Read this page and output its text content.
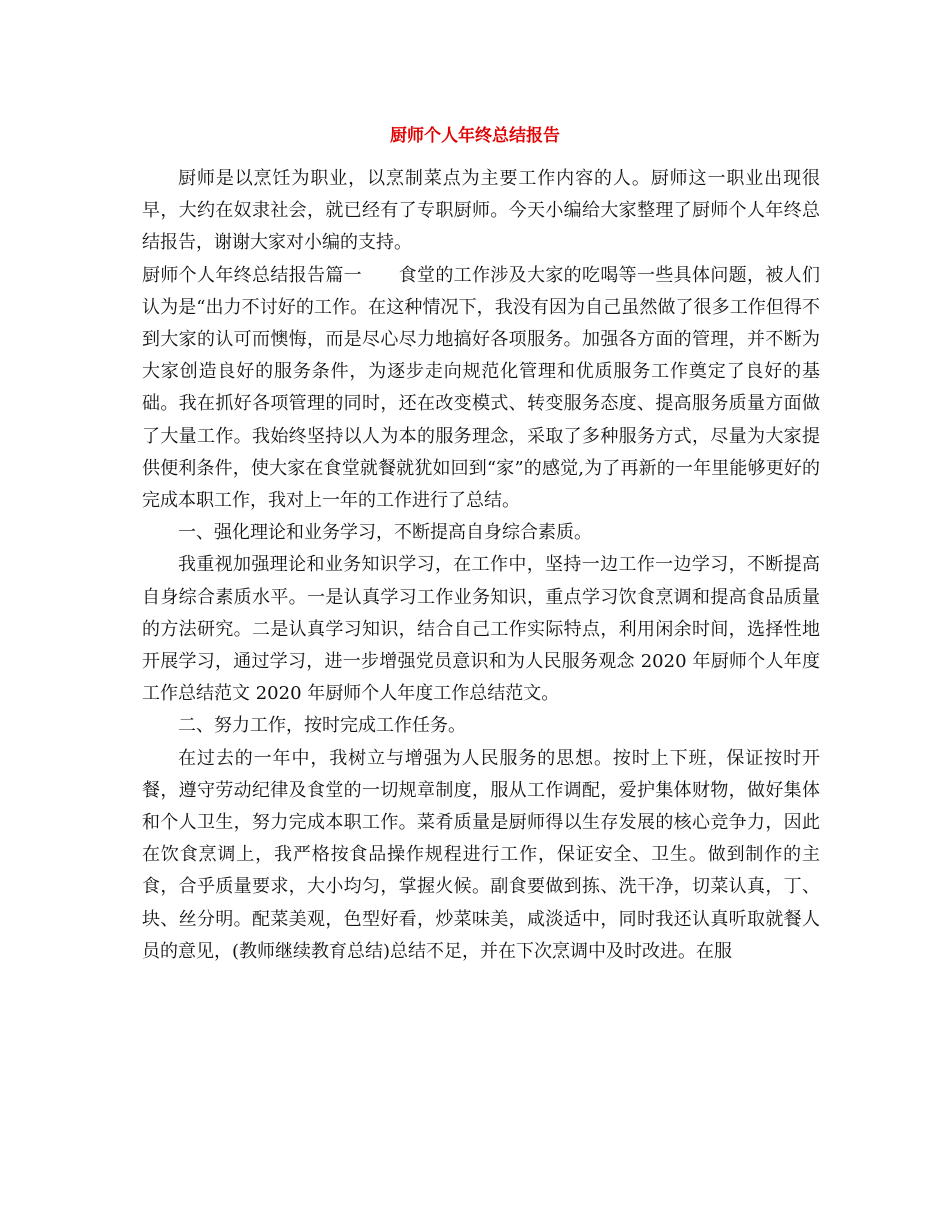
厨师个人年终总结报告

厨师是以烹饪为职业，以烹制菜点为主要工作内容的人。厨师这一职业出现很早，大约在奴隶社会，就已经有了专职厨师。今天小编给大家整理了厨师个人年终总结报告，谢谢大家对小编的支持。

厨师个人年终总结报告篇一　　食堂的工作涉及大家的吃喝等一些具体问题，被人们认为是“出力不讨好的工作。在这种情况下，我没有因为自己虽然做了很多工作但得不到大家的认可而懊悔，而是尽心尽力地搞好各项服务。加强各方面的管理，并不断为大家创造良好的服务条件，为逐步走向规范化管理和优质服务工作奠定了良好的基础。我在抓好各项管理的同时，还在改变模式、转变服务态度、提高服务质量方面做了大量工作。我始终坚持以人为本的服务理念，采取了多种服务方式，尽量为大家提供便利条件，使大家在食堂就餐就犹如回到“家”的感觉,为了再新的一年里能够更好的完成本职工作，我对上一年的工作进行了总结。

一、强化理论和业务学习，不断提高自身综合素质。

我重视加强理论和业务知识学习，在工作中，坚持一边工作一边学习，不断提高自身综合素质水平。一是认真学习工作业务知识，重点学习饮食烹调和提高食品质量的方法研究。二是认真学习知识，结合自己工作实际特点，利用闲余时间，选择性地开展学习，通过学习，进一步增强党员意识和为人民服务观念 2020 年厨师个人年度工作总结范文 2020 年厨师个人年度工作总结范文。

二、努力工作，按时完成工作任务。

在过去的一年中，我树立与增强为人民服务的思想。按时上下班，保证按时开餐，遵守劳动纪律及食堂的一切规章制度，服从工作调配，爱护集体财物，做好集体和个人卫生，努力完成本职工作。菜肴质量是厨师得以生存发展的核心竞争力，因此在饮食烹调上，我严格按食品操作规程进行工作，保证安全、卫生。做到制作的主食，合乎质量要求，大小均匀，掌握火候。副食要做到拣、洗干净，切菜认真，丁、块、丝分明。配菜美观，色型好看，炒菜味美，咸淡适中，同时我还认真听取就餐人员的意见，(教师继续教育总结)总结不足，并在下次烹调中及时改进。在服
